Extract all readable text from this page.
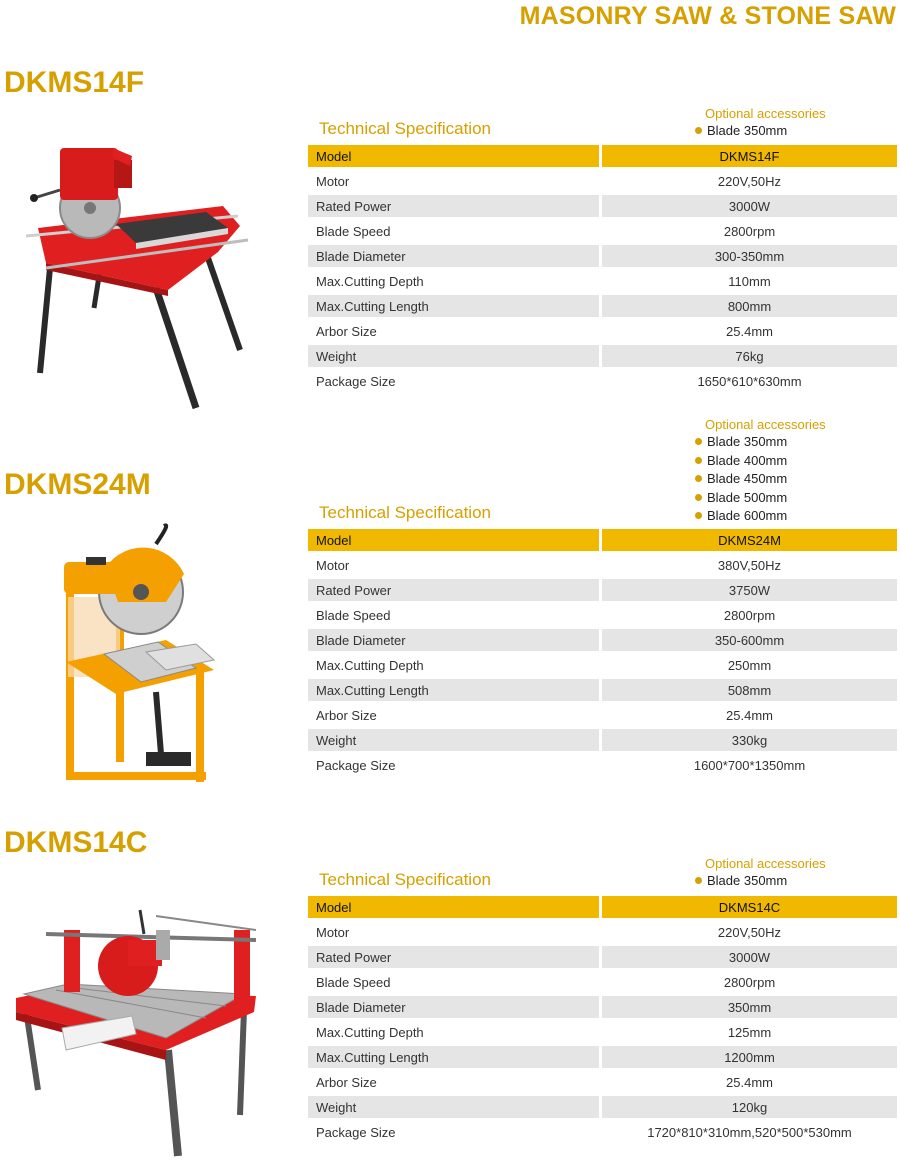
MASONRY SAW & STONE SAW
DKMS14F
Technical Specification
Optional accessories
Blade 350mm
Model		DKMS14F
Motor		220V,50Hz
Rated Power		3000W
Blade Speed		2800rpm
Blade Diameter		300-350mm
Max.Cutting Depth		110mm
Max.Cutting Length		800mm
Arbor Size		25.4mm
Weight		76kg
Package Size		1650*610*630mm
DKMS24M
Technical Specification
Optional accessories
Blade 350mm
Blade 400mm
Blade 450mm
Blade 500mm
Blade 600mm
Model		DKMS24M
Motor		380V,50Hz
Rated Power		3750W
Blade Speed		2800rpm
Blade Diameter		350-600mm
Max.Cutting Depth		250mm
Max.Cutting Length		508mm
Arbor Size		25.4mm
Weight		330kg
Package Size		1600*700*1350mm
DKMS14C
Technical Specification
Optional accessories
Blade 350mm
Model		DKMS14C
Motor		220V,50Hz
Rated Power		3000W
Blade Speed		2800rpm
Blade Diameter		350mm
Max.Cutting Depth		125mm
Max.Cutting Length		1200mm
Arbor Size		25.4mm
Weight		120kg
Package Size		1720*810*310mm,520*500*530mm
